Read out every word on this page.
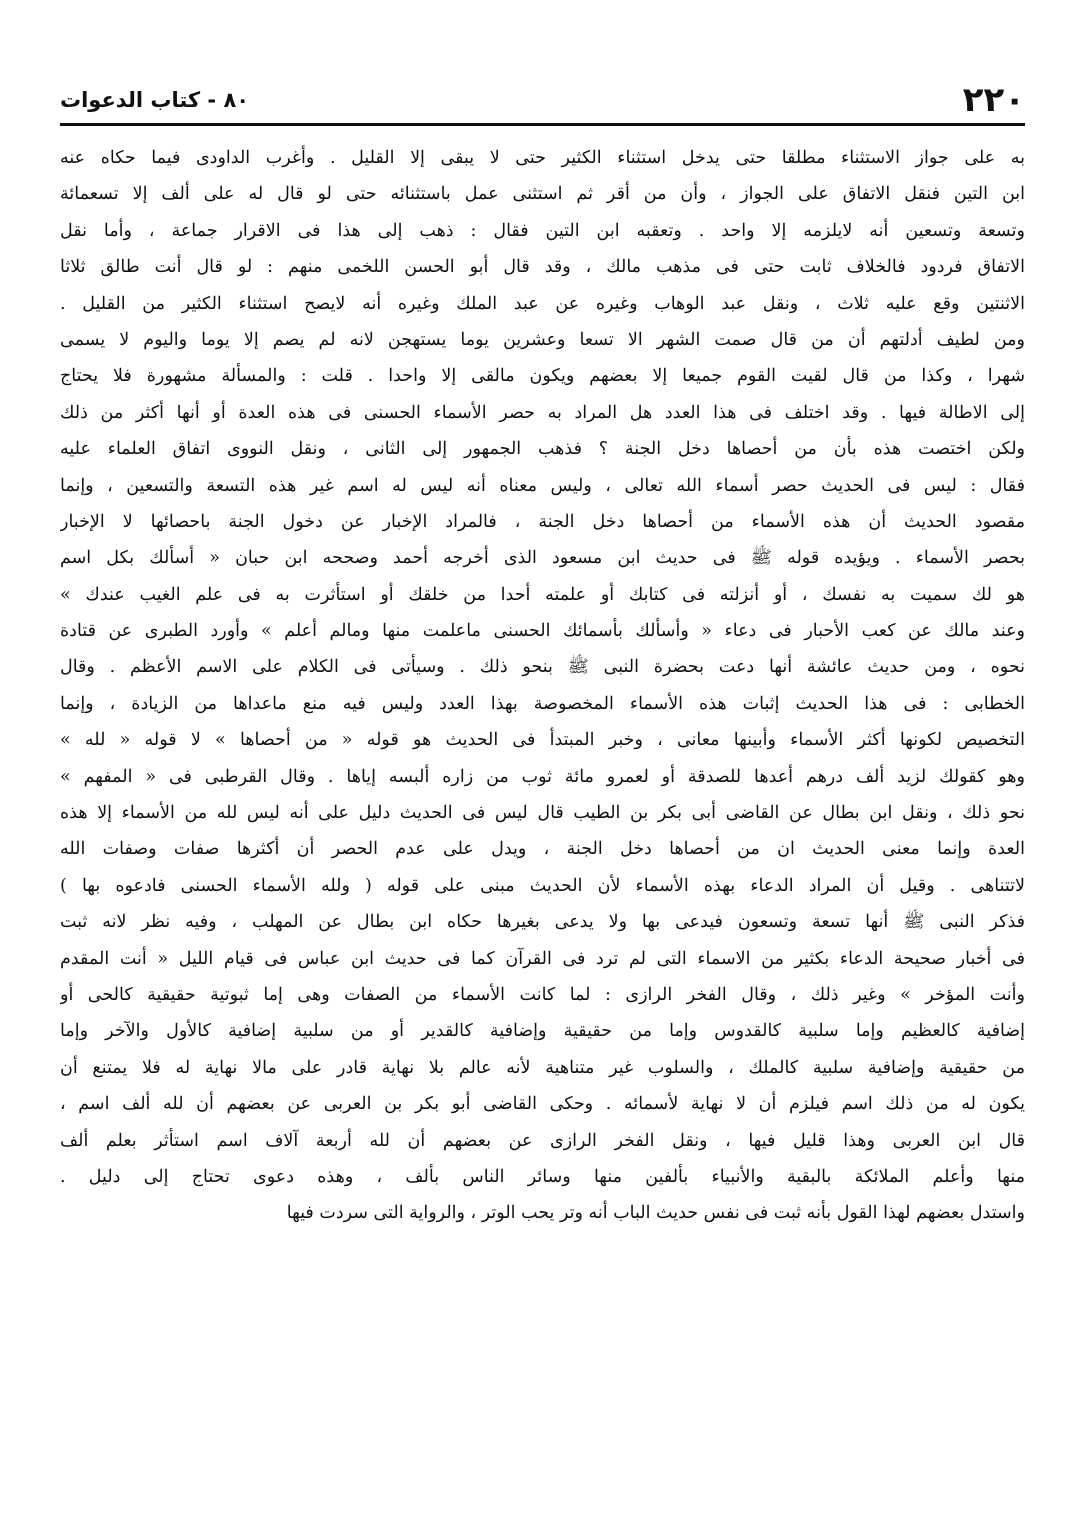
٢٢٠
٨٠ - كتاب الدعوات
به على جواز الاستثناء مطلقا حتى يدخل استثناء الكثير حتى لا يبقى إلا القليل . وأغرب الداودى فيما حكاه عنه
ابن التين فنقل الاتفاق على الجواز ، وأن من أقر ثم استثنى عمل باستثنائه حتى لو قال له على ألف إلا تسعمائة
وتسعة وتسعين أنه لايلزمه إلا واحد . وتعقبه ابن التين فقال : ذهب إلى هذا فى الاقرار جماعة ، وأما نقل
الاتفاق فردود فالخلاف ثابت حتى فى مذهب مالك ، وقد قال أبو الحسن اللخمى منهم : لو قال أنت طالق ثلاثا
الاثنتين وقع عليه ثلاث ، ونقل عبد الوهاب وغيره عن عبد الملك وغيره أنه لايصح استثناء الكثير من القليل .
ومن لطيف أدلتهم أن من قال صمت الشهر الا تسعا وعشرين يوما يستهجن لانه لم يصم إلا يوما واليوم لا يسمى
شهرا ، وكذا من قال لقيت القوم جميعا إلا بعضهم ويكون مالقى إلا واحدا . قلت : والمسألة مشهورة فلا يحتاج
إلى الاطالة فيها . وقد اختلف فى هذا العدد هل المراد به حصر الأسماء الحسنى فى هذه العدة أو أنها أكثر من ذلك
ولكن اختصت هذه بأن من أحصاها دخل الجنة ؟ فذهب الجمهور إلى الثانى ، ونقل النووى اتفاق العلماء عليه
فقال : ليس فى الحديث حصر أسماء الله تعالى ، وليس معناه أنه ليس له اسم غير هذه التسعة والتسعين ، وإنما
مقصود الحديث أن هذه الأسماء من أحصاها دخل الجنة ، فالمراد الإخبار عن دخول الجنة باحصائها لا الإخبار
بحصر الأسماء . ويؤيده قوله ﷺ فى حديث ابن مسعود الذى أخرجه أحمد وصححه ابن حبان « أسألك بكل اسم
هو لك سميت به نفسك ، أو أنزلته فى كتابك أو علمته أحدا من خلقك أو استأثرت به فى علم الغيب عندك »
وعند مالك عن كعب الأحبار فى دعاء « وأسألك بأسمائك الحسنى ماعلمت منها ومالم أعلم » وأورد الطبرى عن قتادة
نحوه ، ومن حديث عائشة أنها دعت بحضرة النبى ﷺ بنحو ذلك . وسيأتى فى الكلام على الاسم الأعظم . وقال
الخطابى : فى هذا الحديث إثبات هذه الأسماء المخصوصة بهذا العدد وليس فيه منع ماعداها من الزيادة ، وإنما
التخصيص لكونها أكثر الأسماء وأبينها معانى ، وخبر المبتدأ فى الحديث هو قوله « من أحصاها » لا قوله « لله »
وهو كقولك لزيد ألف درهم أعدها للصدقة أو لعمرو مائة ثوب من زاره ألبسه إياها . وقال القرطبى فى « المفهم »
نحو ذلك ، ونقل ابن بطال عن القاضى أبى بكر بن الطيب قال ليس فى الحديث دليل على أنه ليس لله من الأسماء إلا هذه
العدة وإنما معنى الحديث ان من أحصاها دخل الجنة ، ويدل على عدم الحصر أن أكثرها صفات وصفات الله
لاتتناهى . وقيل أن المراد الدعاء بهذه الأسماء لأن الحديث مبنى على قوله ( ولله الأسماء الحسنى فادعوه بها )
فذكر النبى ﷺ أنها تسعة وتسعون فيدعى بها ولا يدعى بغيرها حكاه ابن بطال عن المهلب ، وفيه نظر لانه ثبت
فى أخبار صحيحة الدعاء بكثير من الاسماء التى لم ترد فى القرآن كما فى حديث ابن عباس فى قيام الليل « أنت المقدم
وأنت المؤخر » وغير ذلك ، وقال الفخر الرازى : لما كانت الأسماء من الصفات وهى إما ثبوتية حقيقية كالحى أو
إضافية كالعظيم وإما سلبية كالقدوس وإما من حقيقية وإضافية كالقدير أو من سلبية إضافية كالأول والآخر وإما
من حقيقية وإضافية سلبية كالملك ، والسلوب غير متناهية لأنه عالم بلا نهاية قادر على مالا نهاية له فلا يمتنع أن
يكون له من ذلك اسم فيلزم أن لا نهاية لأسمائه . وحكى القاضى أبو بكر بن العربى عن بعضهم أن لله ألف اسم ،
قال ابن العربى وهذا قليل فيها ، ونقل الفخر الرازى عن بعضهم أن لله أربعة آلاف اسم استأثر بعلم ألف
منها وأعلم الملائكة بالبقية والأنبياء بألفين منها وسائر الناس بألف ، وهذه دعوى تحتاج إلى دليل .
واستدل بعضهم لهذا القول بأنه ثبت فى نفس حديث الباب أنه وتر يحب الوتر ، والرواية التى سردت فيها
